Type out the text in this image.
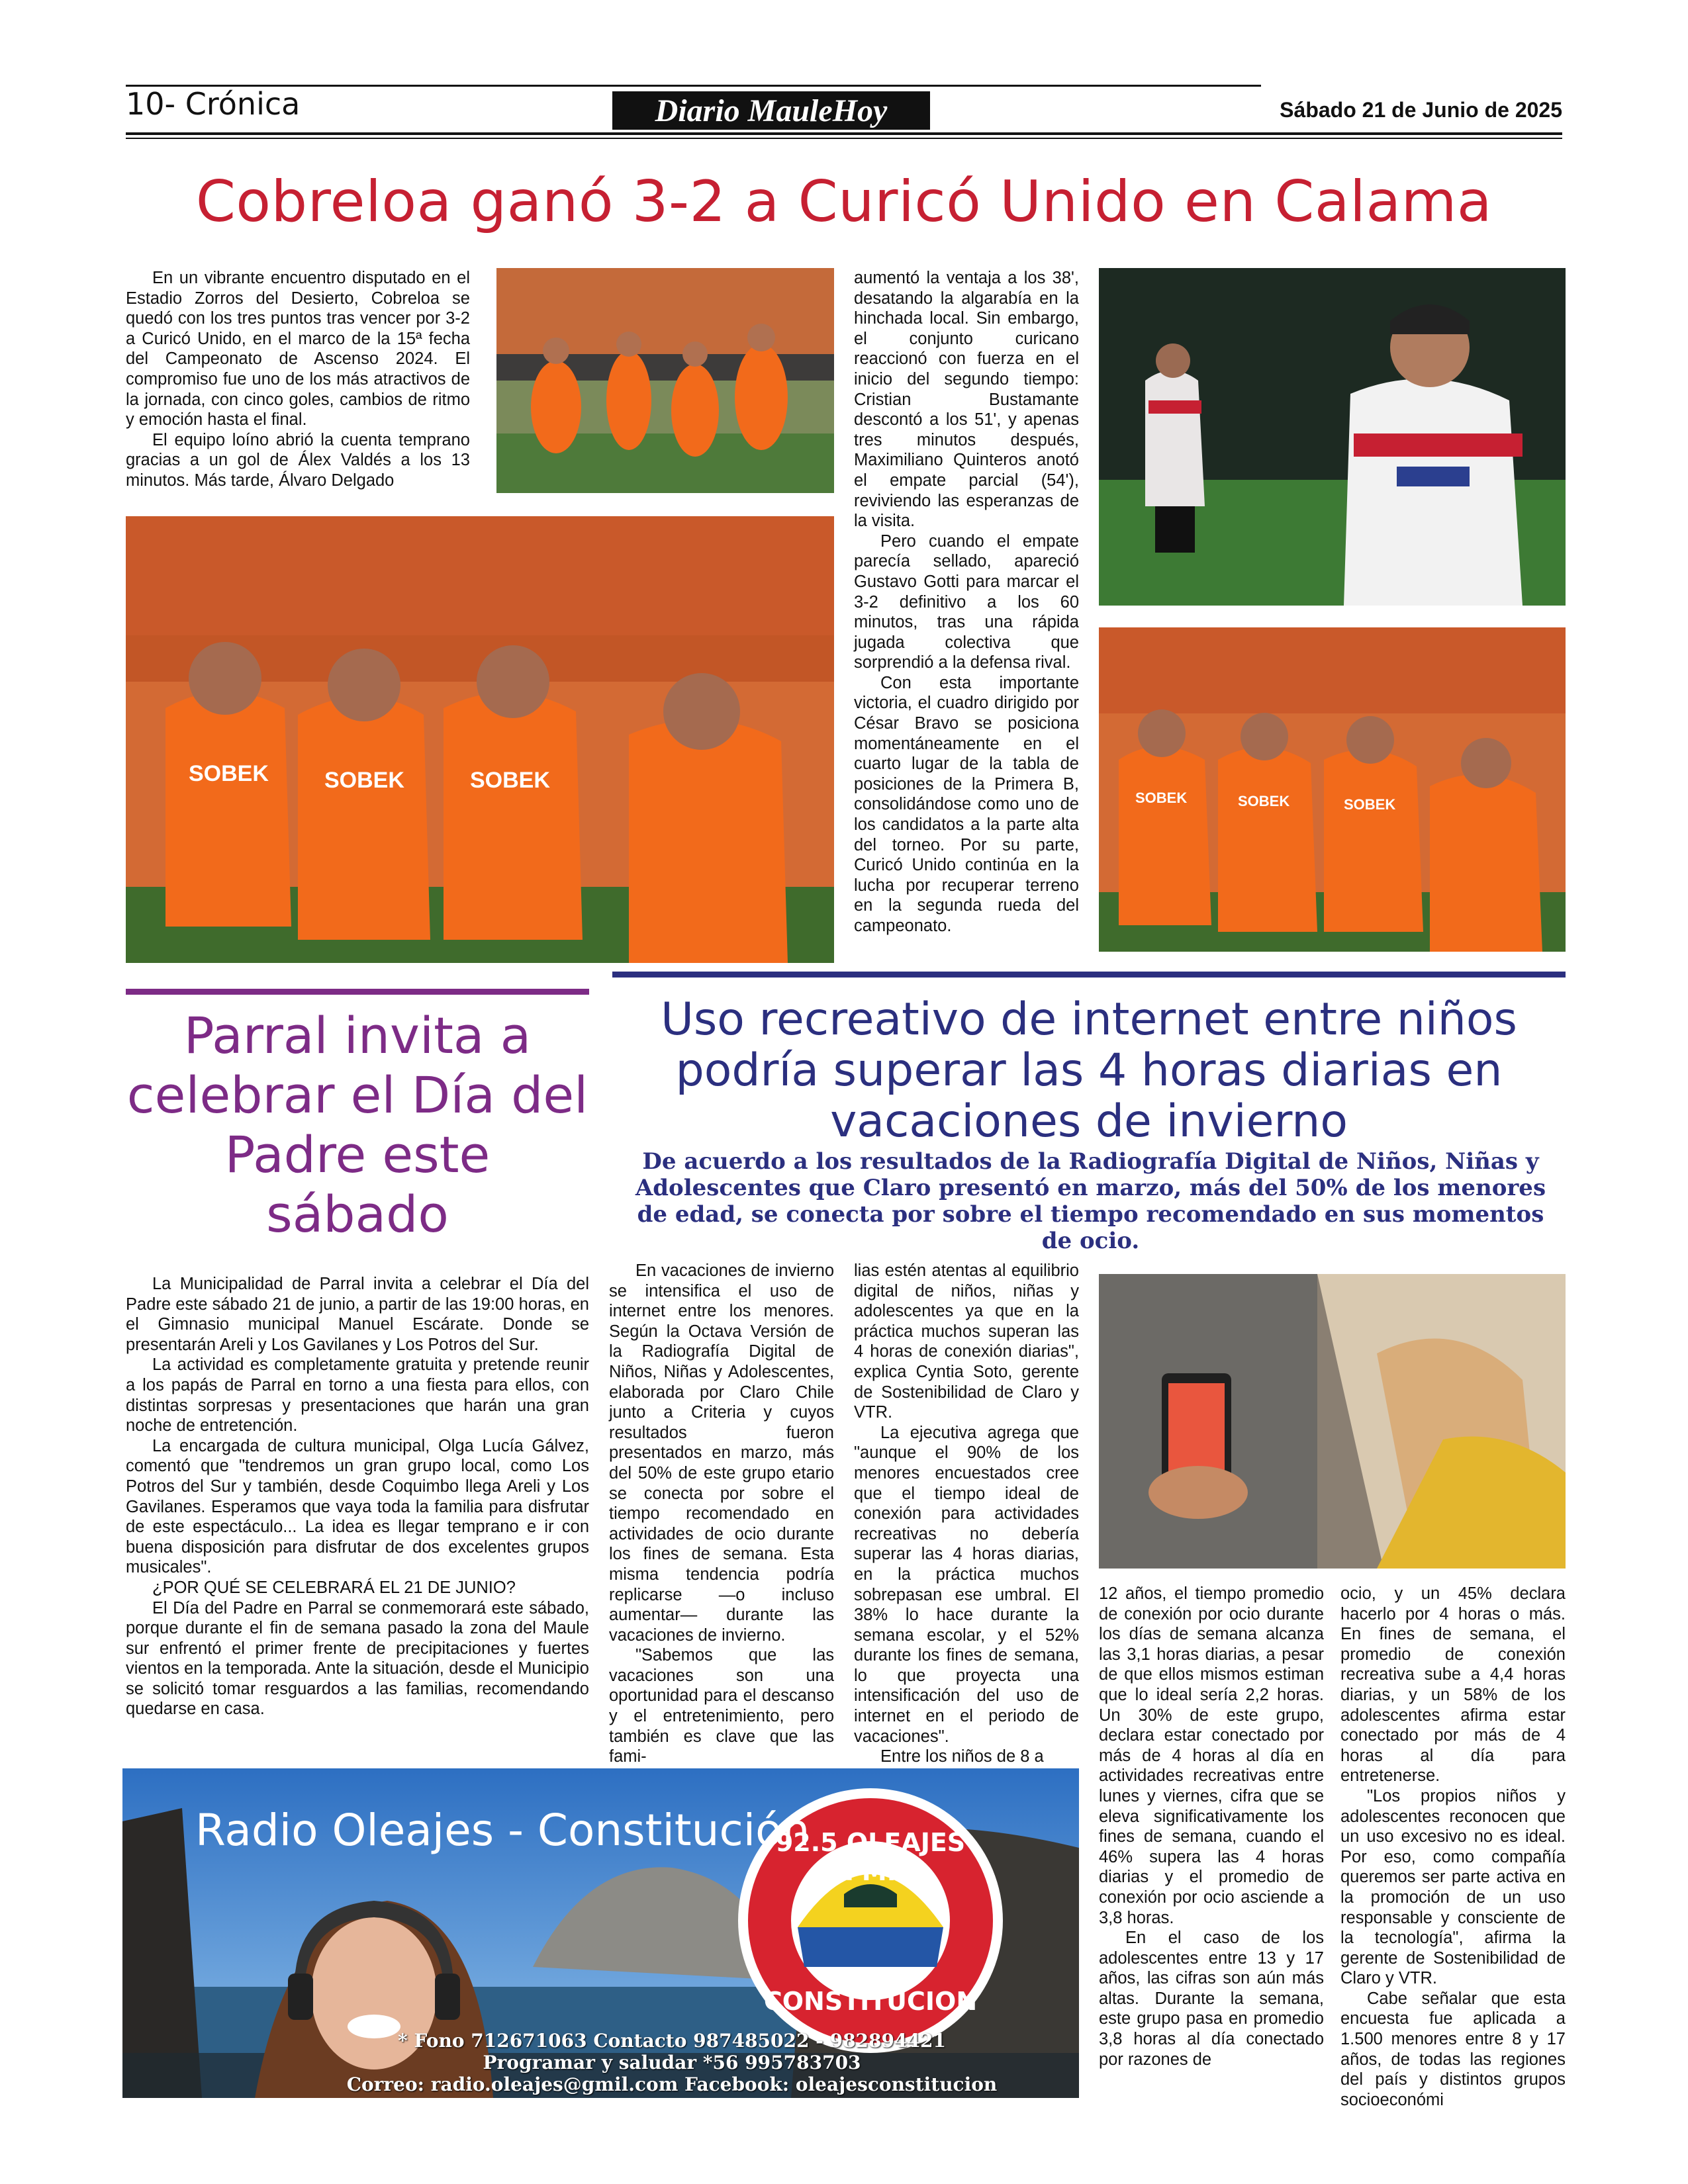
10- Crónica	Diario MauleHoy	Sábado 21 de Junio de 2025
Cobreloa ganó 3-2 a Curicó Unido en Calama

En un vibrante encuentro disputado en el Estadio Zorros del Desierto, Cobreloa se quedó con los tres puntos tras vencer por 3-2 a Curicó Unido, en el marco de la 15ª fecha del Campeonato de Ascenso 2024. El compromiso fue uno de los más atractivos de la jornada, con cinco goles, cambios de ritmo y emoción hasta el final.

El equipo loíno abrió la cuenta temprano gracias a un gol de Álex Valdés a los 13 minutos. Más tarde, Álvaro Delgado

SOBEK SOBEK	SOBEK

aumentó la ventaja a los 38', desatando la algarabía en la hinchada local. Sin embargo, el conjunto curicano reaccionó con fuerza en el inicio del segundo tiempo: Cristian Bustamante descontó a los 51', y apenas tres minutos después, Maximiliano Quinteros anotó el empate parcial (54'), reviviendo las esperanzas de la visita.

Pero cuando el empate parecía sellado, apareció Gustavo Gotti para marcar el 3-2 definitivo a los 60 minutos, tras una rápida jugada colectiva que sorprendió a la defensa rival.

Con esta importante victoria, el cuadro dirigido por César Bravo se posiciona momentáneamente en el cuarto lugar de la tabla de posiciones de la Primera B, consolidándose como uno de los candidatos a la parte alta del torneo. Por su parte, Curicó Unido continúa en la lucha por recuperar terreno en la segunda rueda del campeonato.

SOBEK	SOBEK	SOBEK
Parral invita a celebrar el Día del Padre este sábado

La Municipalidad de Parral invita a celebrar el Día del Padre este sábado 21 de junio, a partir de las 19:00 horas, en el Gimnasio municipal Manuel Escárate. Donde se presentarán Areli y Los Gavilanes y Los Potros del Sur.

La actividad es completamente gratuita y pretende reunir a los papás de Parral en torno a una fiesta para ellos, con distintas sorpresas y presentaciones que harán una gran noche de entretención.

La encargada de cultura municipal, Olga Lucía Gálvez, comentó que "tendremos un gran grupo local, como Los Potros del Sur y también, desde Coquimbo llega Areli y Los Gavilanes. Esperamos que vaya toda la familia para disfrutar de este espectáculo... La idea es llegar temprano e ir con buena disposición para disfrutar de dos excelentes grupos musicales".

¿POR QUÉ SE CELEBRARÁ EL 21 DE JUNIO?

El Día del Padre en Parral se conmemorará este sábado, porque durante el fin de semana pasado la zona del Maule sur enfrentó el primer frente de precipitaciones y fuertes vientos en la temporada. Ante la situación, desde el Municipio se solicitó tomar resguardos a las familias, recomendando quedarse en casa.

Uso recreativo de internet entre niños podría superar las 4 horas diarias en vacaciones de invierno
De acuerdo a los resultados de la Radiografía Digital de Niños, Niñas y Adolescentes que Claro presentó en marzo, más del 50% de los menores de edad, se conecta por sobre el tiempo recomendado en sus momentos de ocio.

En vacaciones de invierno se intensifica el uso de internet entre los menores. Según la Octava Versión de la Radiografía Digital de Niños, Niñas y Adolescentes, elaborada por Claro Chile junto a Criteria y cuyos resultados fueron presentados en marzo, más del 50% de este grupo etario se conecta por sobre el tiempo recomendado en actividades de ocio durante los fines de semana. Esta misma tendencia podría replicarse —o incluso aumentar— durante las vacaciones de invierno.

"Sabemos que las vacaciones son una oportunidad para el descanso y el entretenimiento, pero también es clave que las fami-

lias estén atentas al equilibrio digital de niños, niñas y adolescentes ya que en la práctica muchos superan las 4 horas de conexión diarias", explica Cyntia Soto, gerente de Sostenibilidad de Claro y VTR.

La ejecutiva agrega que "aunque el 90% de los menores encuestados cree que el tiempo ideal de conexión para actividades recreativas no debería superar las 4 horas diarias, en la práctica muchos sobrepasan ese umbral. El 38% lo hace durante la semana escolar, y el 52% durante los fines de semana, lo que proyecta una intensificación del uso de internet en el periodo de vacaciones".

Entre los niños de 8 a

12 años, el tiempo promedio de conexión por ocio durante los días de semana alcanza las 3,1 horas diarias, a pesar de que ellos mismos estiman que lo ideal sería 2,2 horas. Un 30% de este grupo, declara estar conectado por más de 4 horas al día en actividades recreativas entre lunes y viernes, cifra que se eleva significativamente los fines de semana, cuando el 46% supera las 4 horas diarias y el promedio de conexión por ocio asciende a 3,8 horas.

En el caso de los adolescentes entre 13 y 17 años, las cifras son aún más altas. Durante la semana, este grupo pasa en promedio 3,8 horas al día conectado por razones de

ocio, y un 45% declara hacerlo por 4 horas o más. En fines de semana, el promedio de conexión recreativa sube a 4,4 horas diarias, y un 58% de los adolescentes afirma estar conectado por más de 4 horas al día para entretenerse.

"Los propios niños y adolescentes reconocen que un uso excesivo no es ideal. Por eso, como compañía queremos ser parte activa en la promoción de un uso responsable y consciente de la tecnología", afirma la gerente de Sostenibilidad de Claro y VTR.

Cabe señalar que esta encuesta fue aplicada a 1.500 menores entre 8 y 17 años, de todas las regiones del país y distintos grupos socioeconómi

Radio Oleajes - Constitución
92.5 OLEAJES FM.
CONSTITUCION
* Fono 712671063 Contacto 987485022 - 982894421
Programar y saludar *56 995783703
Correo: radio.oleajes@gmil.com Facebook: oleajesconstitucion
